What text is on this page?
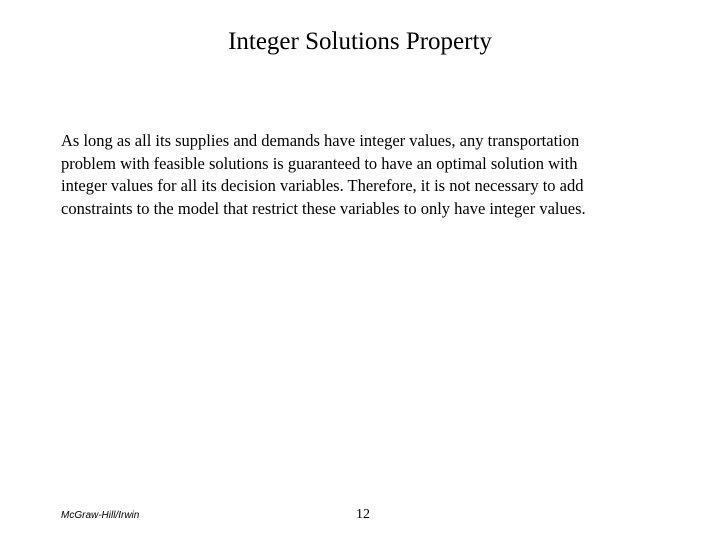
Integer Solutions Property

As long as all its supplies and demands have integer values, any transportation
problem with feasible solutions is guaranteed to have an optimal solution with
integer values for all its decision variables. Therefore, it is not necessary to add
constraints to the model that restrict these variables to only have integer values.

McGraw-Hill/Irwin	12
